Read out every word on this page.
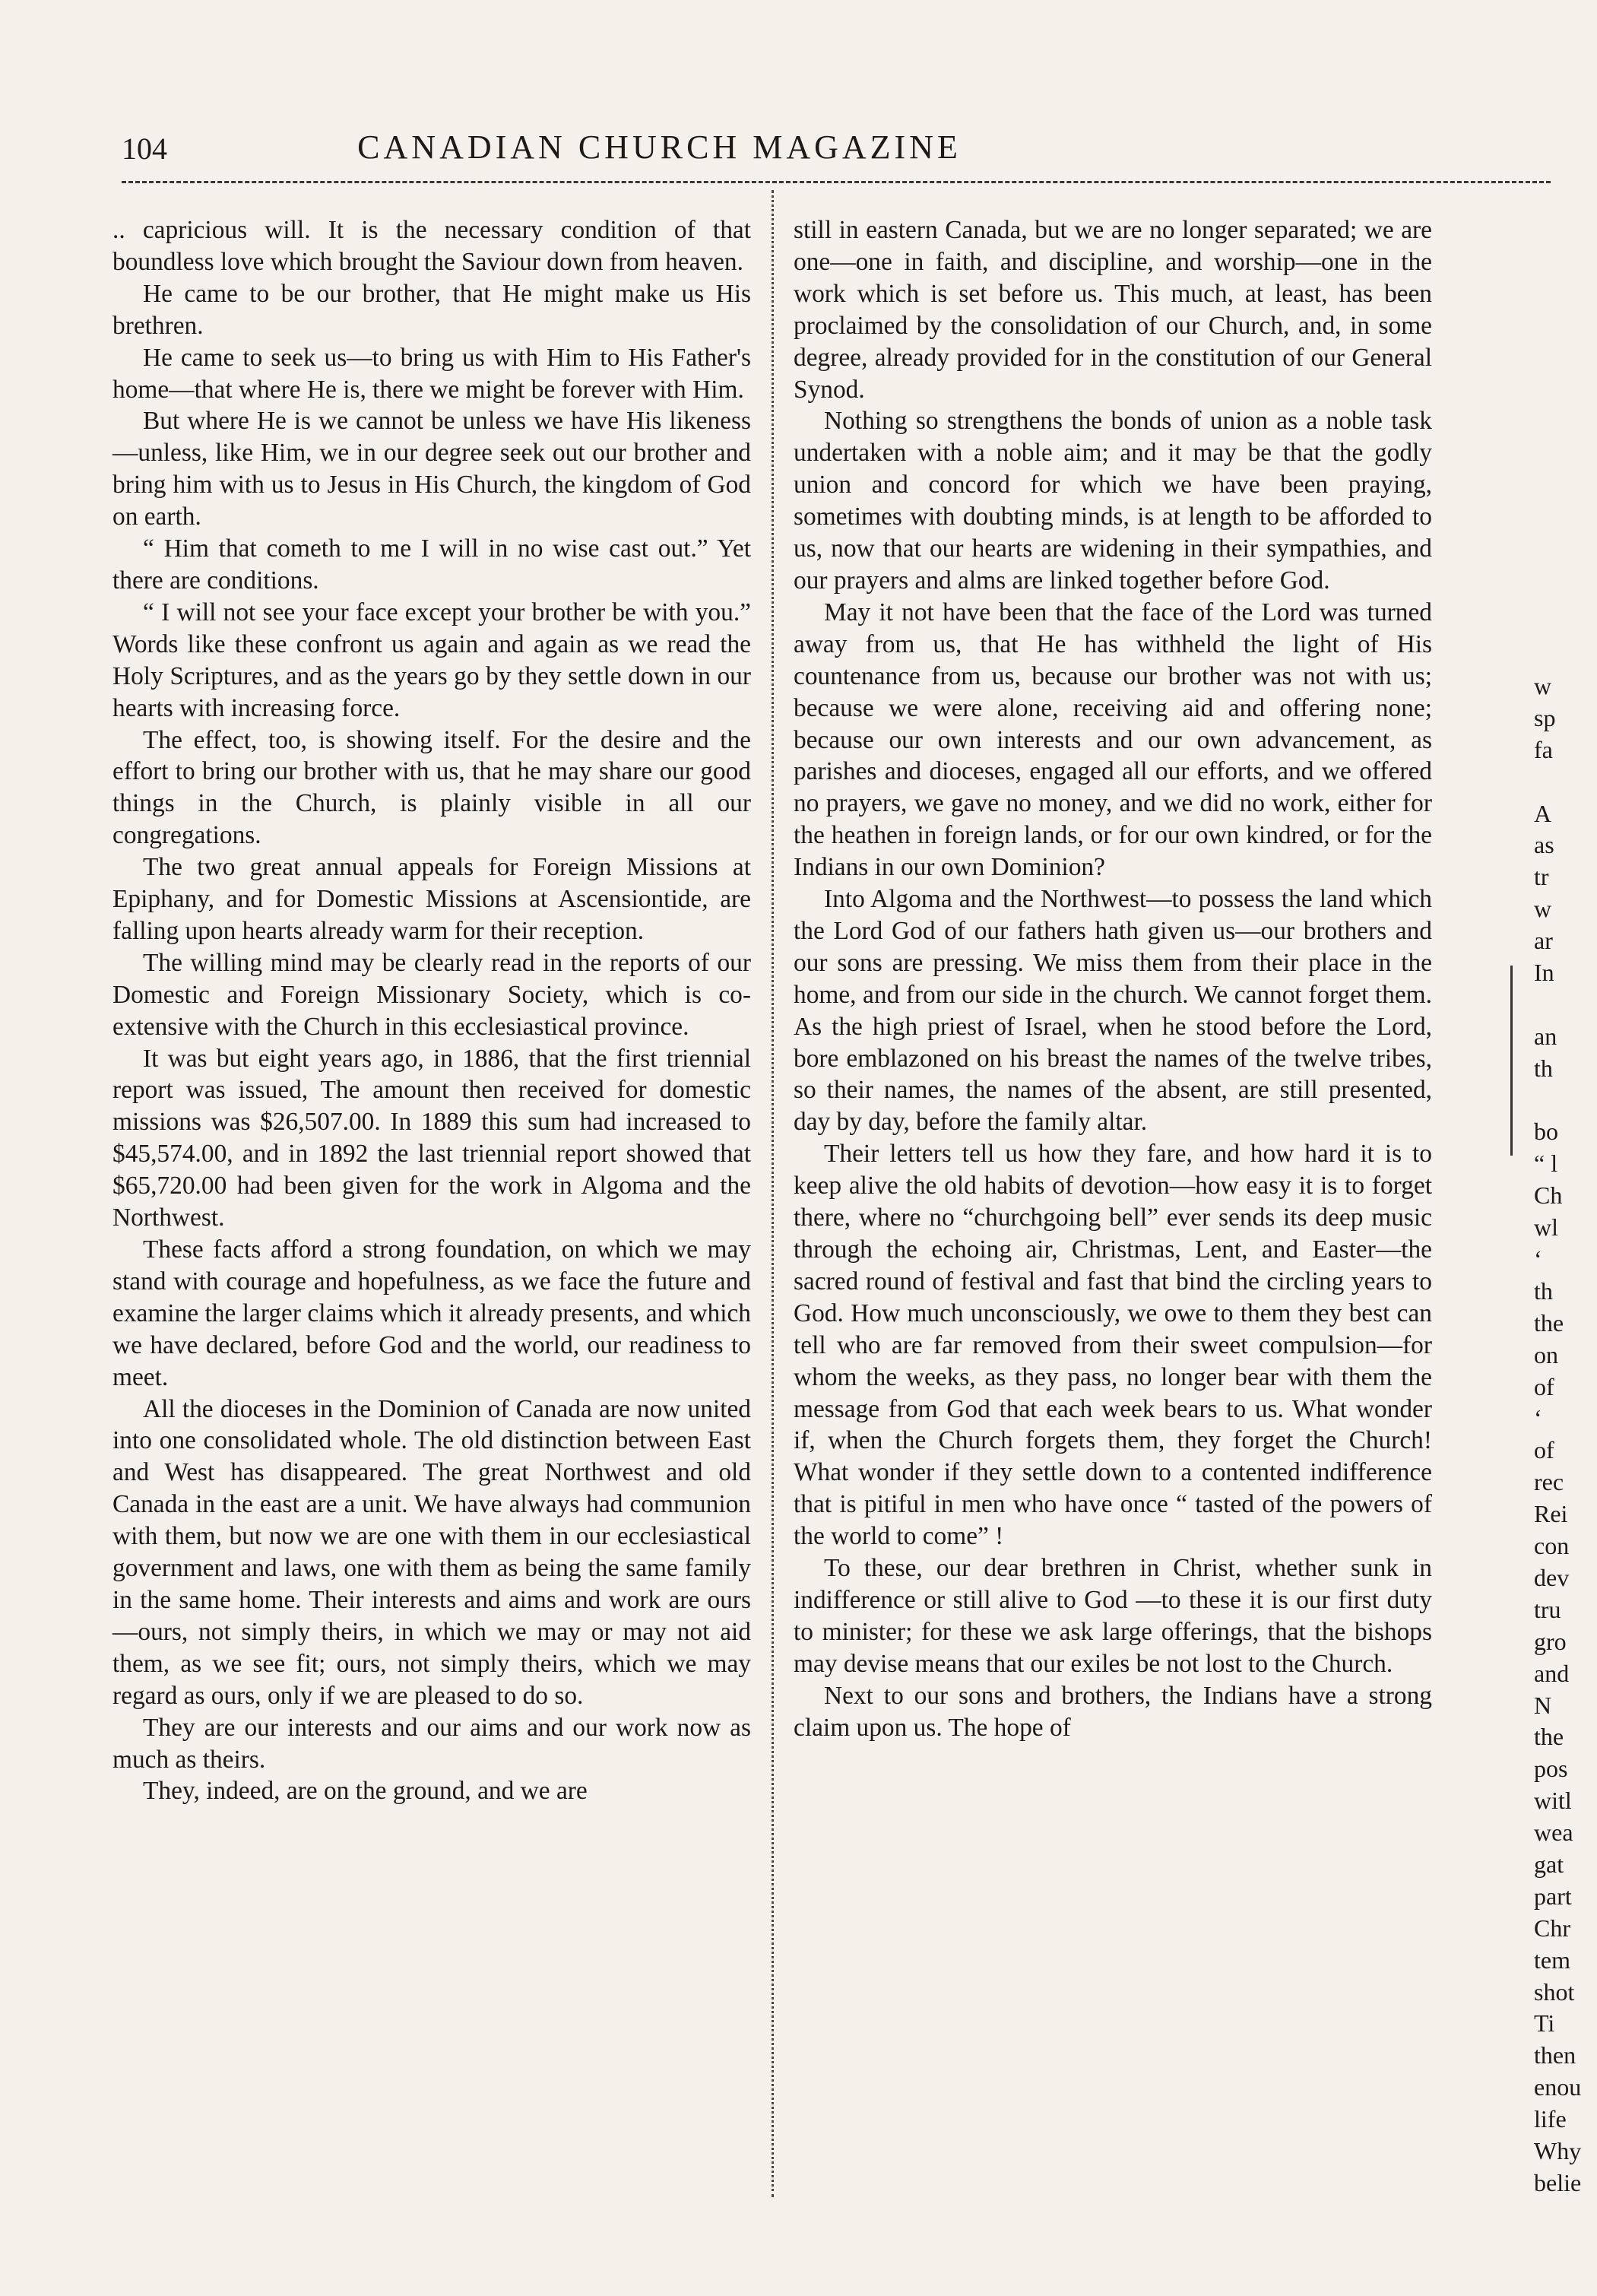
104	CANADIAN CHURCH MAGAZINE

.. capricious will. It is the necessary condition of that boundless love which brought the Saviour down from heaven.

He came to be our brother, that He might make us His brethren.

He came to seek us—to bring us with Him to His Father's home—that where He is, there we might be forever with Him.

But where He is we cannot be unless we have His likeness—unless, like Him, we in our degree seek out our brother and bring him with us to Jesus in His Church, the kingdom of God on earth.

“ Him that cometh to me I will in no wise cast out.” Yet there are conditions.

“ I will not see your face except your brother be with you.” Words like these confront us again and again as we read the Holy Scriptures, and as the years go by they settle down in our hearts with increasing force.

The effect, too, is showing itself. For the desire and the effort to bring our brother with us, that he may share our good things in the Church, is plainly visible in all our congregations.

The two great annual appeals for Foreign Missions at Epiphany, and for Domestic Missions at Ascensiontide, are falling upon hearts already warm for their reception.

The willing mind may be clearly read in the reports of our Domestic and Foreign Missionary Society, which is co-extensive with the Church in this ecclesiastical province.

It was but eight years ago, in 1886, that the first triennial report was issued, The amount then received for domestic missions was $26,507.00. In 1889 this sum had increased to $45,574.00, and in 1892 the last triennial report showed that $65,720.00 had been given for the work in Algoma and the Northwest.

These facts afford a strong foundation, on which we may stand with courage and hopefulness, as we face the future and examine the larger claims which it already presents, and which we have declared, before God and the world, our readiness to meet.

All the dioceses in the Dominion of Canada are now united into one consolidated whole. The old distinction between East and West has disappeared. The great Northwest and old Canada in the east are a unit. We have always had communion with them, but now we are one with them in our ecclesiastical government and laws, one with them as being the same family in the same home. Their interests and aims and work are ours—ours, not simply theirs, in which we may or may not aid them, as we see fit; ours, not simply theirs, which we may regard as ours, only if we are pleased to do so.

They are our interests and our aims and our work now as much as theirs.

They, indeed, are on the ground, and we are

still in eastern Canada, but we are no longer separated; we are one—one in faith, and discipline, and worship—one in the work which is set before us. This much, at least, has been proclaimed by the consolidation of our Church, and, in some degree, already provided for in the constitution of our General Synod.

Nothing so strengthens the bonds of union as a noble task undertaken with a noble aim; and it may be that the godly union and concord for which we have been praying, sometimes with doubting minds, is at length to be afforded to us, now that our hearts are widening in their sympathies, and our prayers and alms are linked together before God.

May it not have been that the face of the Lord was turned away from us, that He has withheld the light of His countenance from us, because our brother was not with us; because we were alone, receiving aid and offering none; because our own interests and our own advancement, as parishes and dioceses, engaged all our efforts, and we offered no prayers, we gave no money, and we did no work, either for the heathen in foreign lands, or for our own kindred, or for the Indians in our own Dominion?

Into Algoma and the Northwest—to possess the land which the Lord God of our fathers hath given us—our brothers and our sons are pressing. We miss them from their place in the home, and from our side in the church. We cannot forget them. As the high priest of Israel, when he stood before the Lord, bore emblazoned on his breast the names of the twelve tribes, so their names, the names of the absent, are still presented, day by day, before the family altar.

Their letters tell us how they fare, and how hard it is to keep alive the old habits of devotion—how easy it is to forget there, where no “churchgoing bell” ever sends its deep music through the echoing air, Christmas, Lent, and Easter—the sacred round of festival and fast that bind the circling years to God. How much unconsciously, we owe to them they best can tell who are far removed from their sweet compulsion—for whom the weeks, as they pass, no longer bear with them the message from God that each week bears to us. What wonder if, when the Church forgets them, they forget the Church! What wonder if they settle down to a contented indifference that is pitiful in men who have once “ tasted of the powers of the world to come” !

To these, our dear brethren in Christ, whether sunk in indifference or still alive to God —to these it is our first duty to minister; for these we ask large offerings, that the bishops may devise means that our exiles be not lost to the Church.

Next to our sons and brothers, the Indians have a strong claim upon us. The hope of

w
sp
fa
A
as
tr
w
ar
In
an
th
bo
“ l
Ch
wl
‘
th
the
on
of
‘
of
rec
Rei
con
dev
tru
gro
and
N
the
pos
witl
wea
gat
part
Chr
tem
shot
Ti
then
enou
life
Why
belie
